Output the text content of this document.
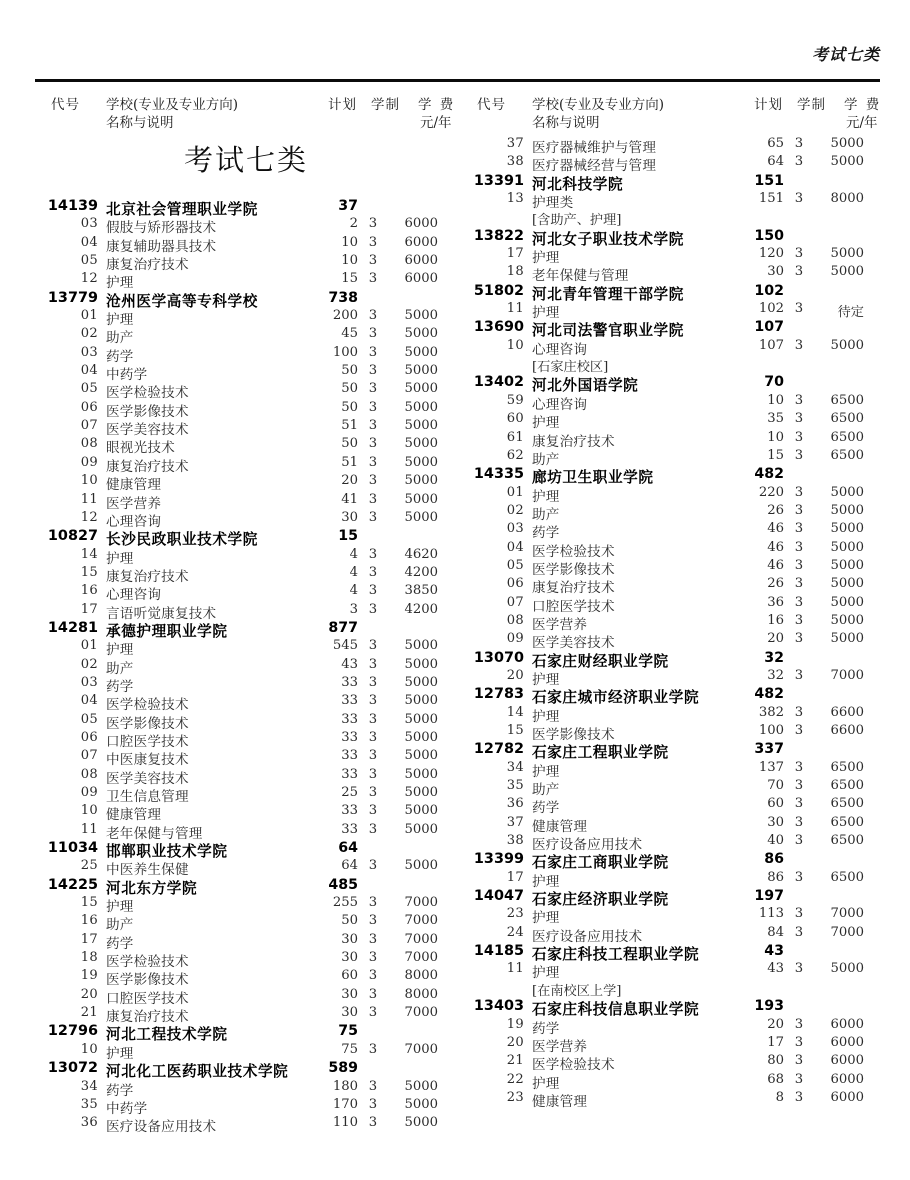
考试七类
代号 学校(专业及专业方向)
名称与说明
计划 学制 学 费
元/年
代号 学校(专业及专业方向)
名称与说明
计划 学制 学 费
元/年
考试七类
14139 北京社会管理职业学院	37
03 假肢与矫形器技术	2 3	6000
04 康复辅助器具技术	10 3	6000
05 康复治疗技术	10 3	6000
12 护理	15 3	6000
13779 沧州医学高等专科学校	738
01 护理	200 3	5000
02 助产	45 3	5000
03 药学	100 3	5000
04 中药学	50 3	5000
05 医学检验技术	50 3	5000
06 医学影像技术	50 3	5000
07 医学美容技术	51 3	5000
08 眼视光技术	50 3	5000
09 康复治疗技术	51 3	5000
10 健康管理	20 3	5000
11 医学营养	41 3	5000
12 心理咨询	30 3	5000
10827 长沙民政职业技术学院	15
14 护理	4 3	4620
15 康复治疗技术	4 3	4200
16 心理咨询	4 3	3850
17 言语听觉康复技术	3 3	4200
14281 承德护理职业学院	877
01 护理	545 3	5000
02 助产	43 3	5000
03 药学	33 3	5000
04 医学检验技术	33 3	5000
05 医学影像技术	33 3	5000
06 口腔医学技术	33 3	5000
07 中医康复技术	33 3	5000
08 医学美容技术	33 3	5000
09 卫生信息管理	25 3	5000
10 健康管理	33 3	5000
11 老年保健与管理	33 3	5000
11034 邯郸职业技术学院	64
25 中医养生保健	64 3	5000
14225 河北东方学院	485
15 护理	255 3	7000
16 助产	50 3	7000
17 药学	30 3	7000
18 医学检验技术	30 3	7000
19 医学影像技术	60 3	8000
20 口腔医学技术	30 3	8000
21 康复治疗技术	30 3	7000
12796 河北工程技术学院	75
10 护理	75 3	7000
13072 河北化工医药职业技术学院	589
34 药学	180 3	5000
35 中药学	170 3	5000
36 医疗设备应用技术	110 3	5000
37 医疗器械维护与管理	65 3	5000
38 医疗器械经营与管理	64 3	5000
13391 河北科技学院	151
13 护理类	151 3	8000
[含助产、护理]
13822 河北女子职业技术学院	150
17 护理	120 3	5000
18 老年保健与管理	30 3	5000
51802 河北青年管理干部学院	102
11 护理	102 3	待定
13690 河北司法警官职业学院	107
10 心理咨询	107 3	5000
[石家庄校区]
13402 河北外国语学院	70
59 心理咨询	10 3	6500
60 护理	35 3	6500
61 康复治疗技术	10 3	6500
62 助产	15 3	6500
14335 廊坊卫生职业学院	482
01 护理	220 3	5000
02 助产	26 3	5000
03 药学	46 3	5000
04 医学检验技术	46 3	5000
05 医学影像技术	46 3	5000
06 康复治疗技术	26 3	5000
07 口腔医学技术	36 3	5000
08 医学营养	16 3	5000
09 医学美容技术	20 3	5000
13070 石家庄财经职业学院	32
20 护理	32 3	7000
12783 石家庄城市经济职业学院	482
14 护理	382 3	6600
15 医学影像技术	100 3	6600
12782 石家庄工程职业学院	337
34 护理	137 3	6500
35 助产	70 3	6500
36 药学	60 3	6500
37 健康管理	30 3	6500
38 医疗设备应用技术	40 3	6500
13399 石家庄工商职业学院	86
17 护理	86 3	6500
14047 石家庄经济职业学院	197
23 护理	113 3	7000
24 医疗设备应用技术	84 3	7000
14185 石家庄科技工程职业学院	43
11 护理	43 3	5000
[在南校区上学]
13403 石家庄科技信息职业学院	193
19 药学	20 3	6000
20 医学营养	17 3	6000
21 医学检验技术	80 3	6000
22 护理	68 3	6000
23 健康管理	8 3	6000
